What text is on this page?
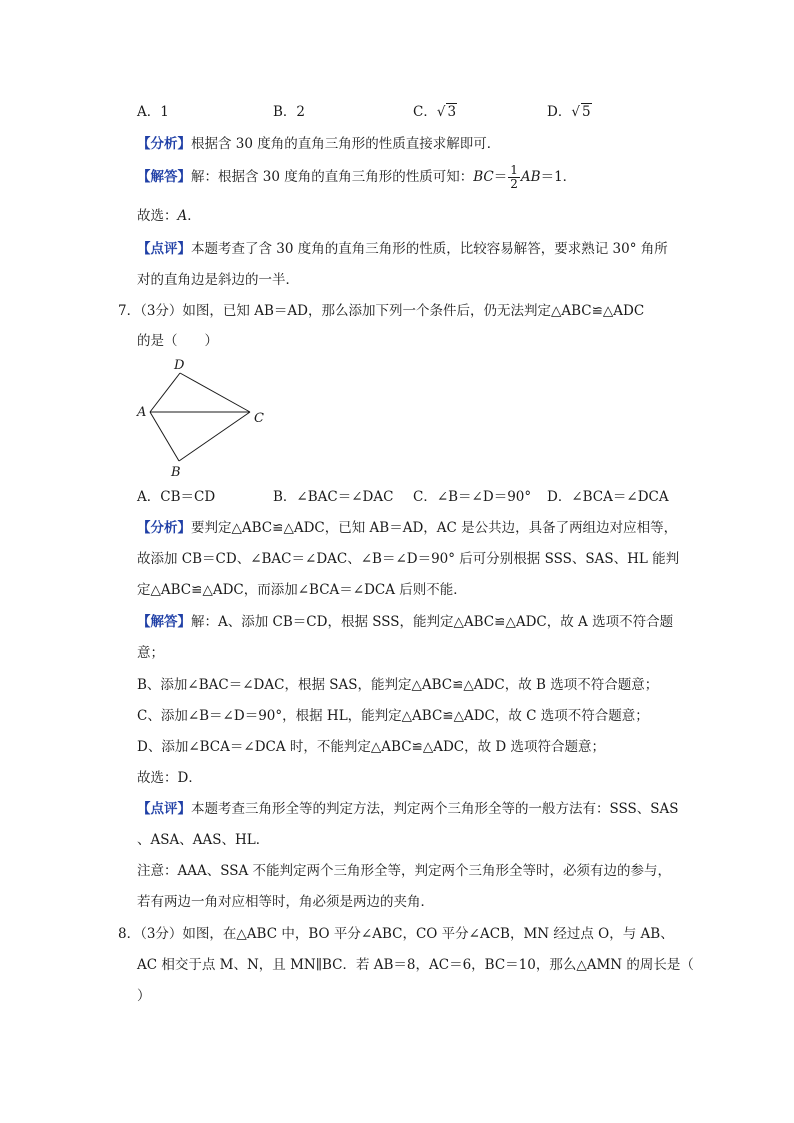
A．1	B．2	C．√ 3	D．√ 5
【分析】根据含 30 度角的直角三角形的性质直接求解即可．
【解答】解：根据含 30 度角的直角三角形的性质可知：$BC= \frac{1}{2} AB=1$．
故选：A．
【点评】本题考查了含 30 度角的直角三角形的性质，比较容易解答，要求熟记 30° 角所
对的直角边是斜边的一半．
7．（3分）如图，已知 AB＝AD，那么添加下列一个条件后，仍无法判定△ABC≌△ADC
的是（　　）
D
A	C
B
A．CB＝CD	B．∠BAC＝∠DAC C．∠B＝∠D＝90° D．∠BCA＝∠DCA
【分析】要判定△ABC≌△ADC，已知 AB＝AD，AC 是公共边，具备了两组边对应相等，
故添加 CB＝CD、∠BAC＝∠DAC、∠B＝∠D＝90° 后可分别根据 SSS、SAS、HL 能判
定△ABC≌△ADC，而添加∠BCA＝∠DCA 后则不能．
【解答】解：A、添加 CB＝CD，根据 SSS，能判定△ABC≌△ADC，故 A 选项不符合题
意；
B、添加∠BAC＝∠DAC，根据 SAS，能判定△ABC≌△ADC，故 B 选项不符合题意；
C、添加∠B＝∠D＝90°，根据 HL，能判定△ABC≌△ADC，故 C 选项不符合题意；
D、添加∠BCA＝∠DCA 时，不能判定△ABC≌△ADC，故 D 选项符合题意；
故选：D．
【点评】本题考查三角形全等的判定方法，判定两个三角形全等的一般方法有：SSS、SAS
、ASA、AAS、HL．
注意：AAA、SSA 不能判定两个三角形全等，判定两个三角形全等时，必须有边的参与，
若有两边一角对应相等时，角必须是两边的夹角．
8．（3分）如图，在△ABC 中，BO 平分∠ABC，CO 平分∠ACB，MN 经过点 O，与 AB、
AC 相交于点 M、N，且 MN∥BC．若 AB＝8，AC＝6，BC＝10，那么△AMN 的周长是（
）
